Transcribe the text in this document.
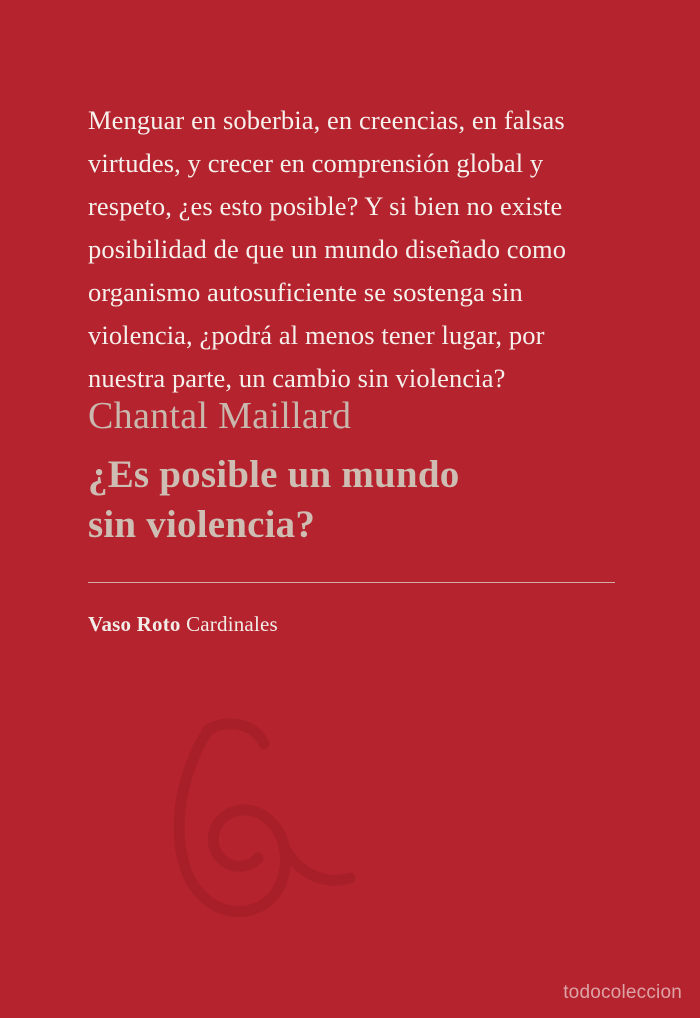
Menguar en soberbia, en creencias, en falsas virtudes, y crecer en comprensión global y respeto, ¿es esto posible? Y si bien no existe posibilidad de que un mundo diseñado como organismo autosuficiente se sostenga sin violencia, ¿podrá al menos tener lugar, por nuestra parte, un cambio sin violencia?

Chantal Maillard
¿Es posible un mundo
sin violencia?
Vaso Roto Cardinales
todocoleccion
